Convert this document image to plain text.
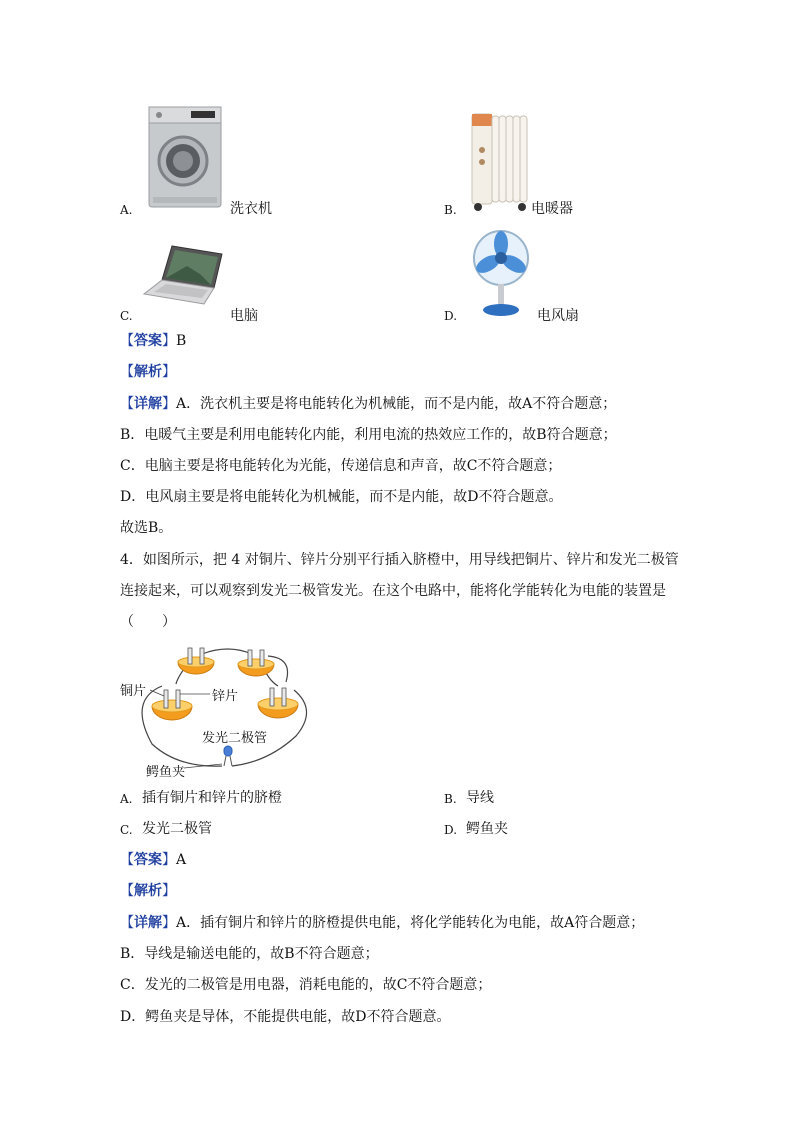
A.	洗衣机	B.	电暖器
C.	电脑	D.	电风扇
【答案】B
【解析】
【详解】A．洗衣机主要是将电能转化为机械能，而不是内能，故A不符合题意；
B．电暖气主要是利用电能转化内能，利用电流的热效应工作的，故B符合题意；
C．电脑主要是将电能转化为光能，传递信息和声音，故C不符合题意；
D．电风扇主要是将电能转化为机械能，而不是内能，故D不符合题意。
故选B。
4．如图所示，把 4 对铜片、锌片分别平行插入脐橙中，用导线把铜片、锌片和发光二极管
连接起来，可以观察到发光二极管发光。在这个电路中，能将化学能转化为电能的装置是
（　　）
铜片	锌片
发光二极管
鳄鱼夹
A. 插有铜片和锌片的脐橙	B. 导线
C. 发光二极管	D. 鳄鱼夹
【答案】A
【解析】
【详解】A．插有铜片和锌片的脐橙提供电能，将化学能转化为电能，故A符合题意；
B．导线是输送电能的，故B不符合题意；
C．发光的二极管是用电器，消耗电能的，故C不符合题意；
D．鳄鱼夹是导体，不能提供电能，故D不符合题意。
